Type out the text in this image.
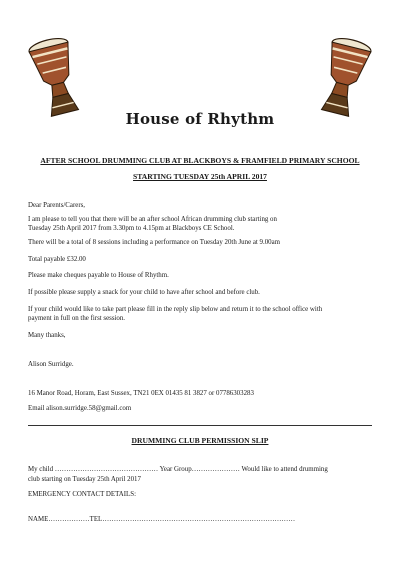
House of Rhythm
AFTER SCHOOL DRUMMING CLUB AT BLACKBOYS & FRAMFIELD PRIMARY SCHOOL
STARTING TUESDAY 25th APRIL 2017
Dear Parents/Carers,
I am please to tell you that there will be an after school African drumming club starting on
Tuesday 25th April 2017 from 3.30pm to 4.15pm at Blackboys CE School.
There will be a total of 8 sessions including a performance on Tuesday 20th June at 9.00am
Total payable £32.00
Please make cheques payable to House of Rhythm.
If possible please supply a snack for your child to have after school and before club.
If your child would like to take part please fill in the reply slip below and return it to the school office with
payment in full on the first session.
Many thanks,
Alison Surridge.
16 Manor Road, Horam, East Sussex, TN21 0EX 01435 81 3827 or 07786303283
Email alison.surridge.58@gmail.com
DRUMMING CLUB PERMISSION SLIP
My child ……………………………………… Year Group………………… Would like to attend drumming
club starting on Tuesday 25th April 2017
EMERGENCY CONTACT DETAILS:
NAME………………TEL…………………………………………………………………………
